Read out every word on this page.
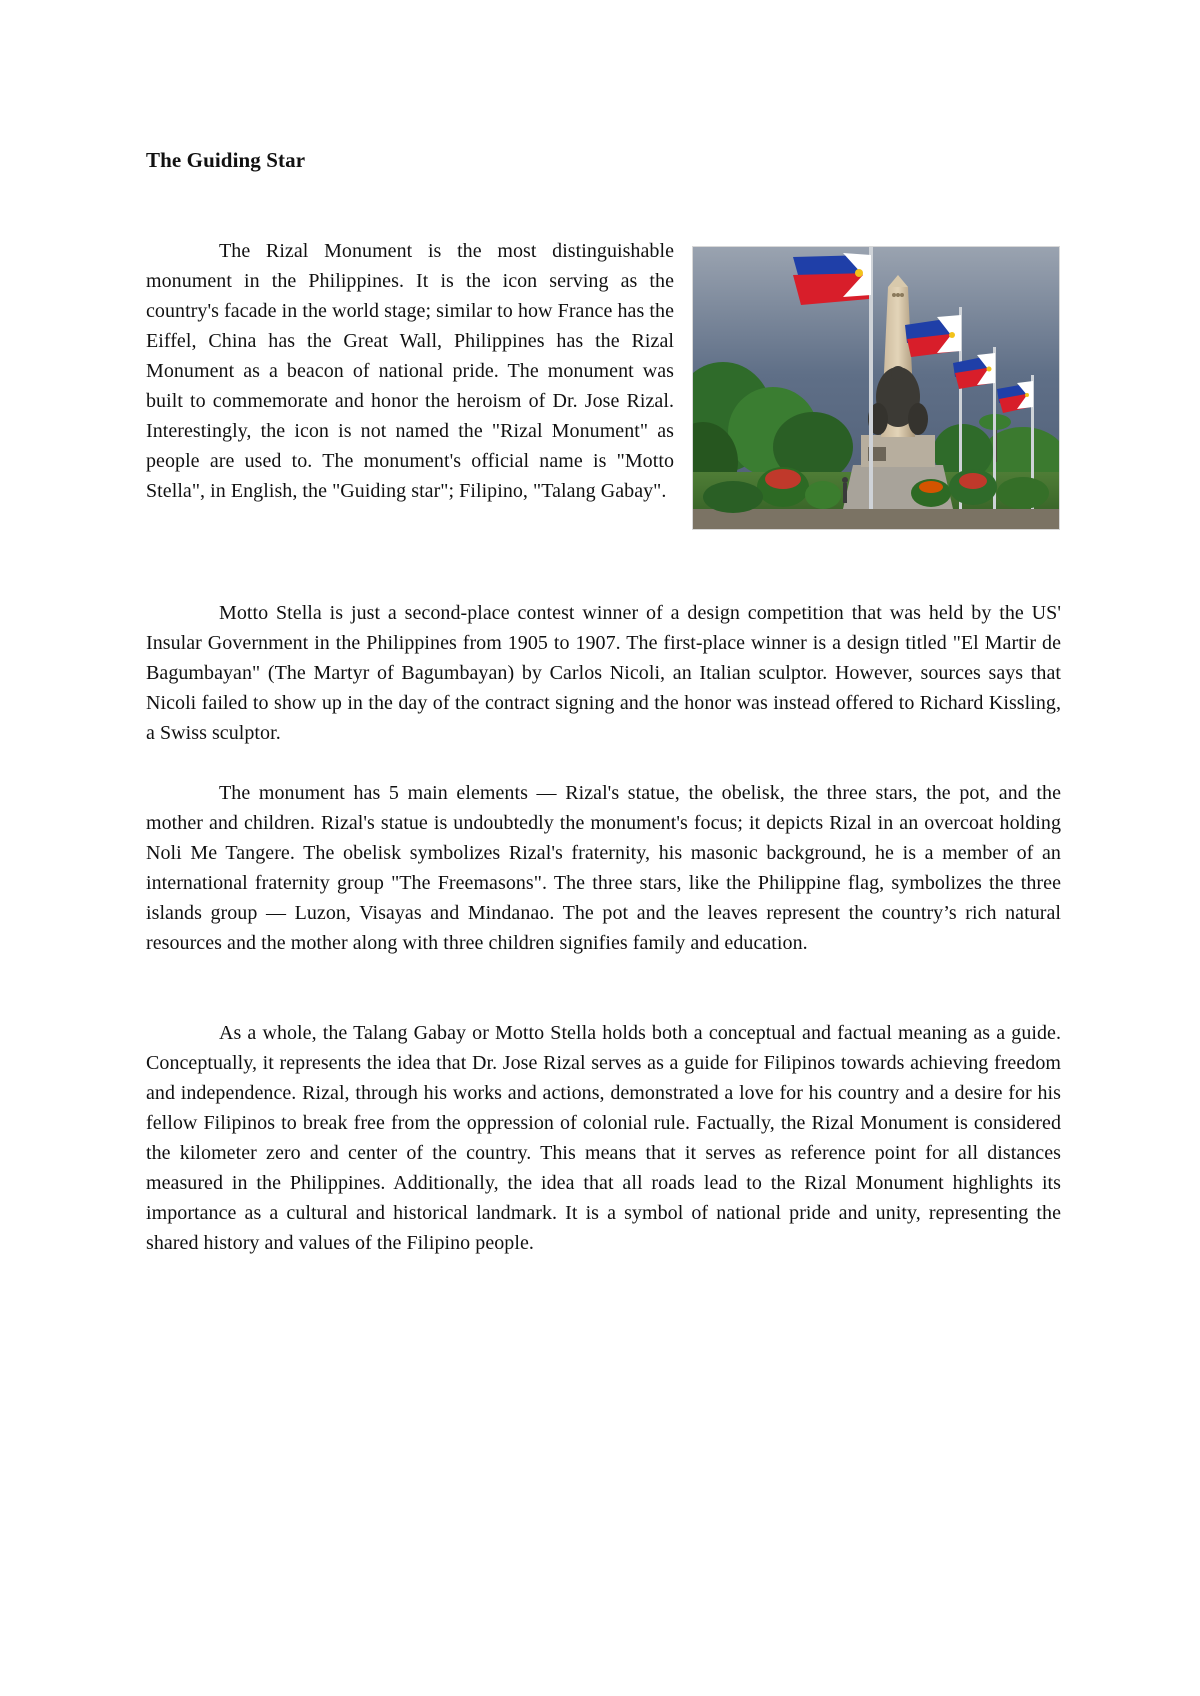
The Guiding Star

The Rizal Monument is the most distinguishable monument in the Philippines. It is the icon serving as the country's facade in the world stage; similar to how France has the Eiffel, China has the Great Wall, Philippines has the Rizal Monument as a beacon of national pride. The monument was built to commemorate and honor the heroism of Dr. Jose Rizal. Interestingly, the icon is not named the "Rizal Monument" as people are used to. The monument's official name is "Motto Stella", in English, the "Guiding star"; Filipino, "Talang Gabay".

Motto Stella is just a second-place contest winner of a design competition that was held by the US' Insular Government in the Philippines from 1905 to 1907. The first-place winner is a design titled "El Martir de Bagumbayan" (The Martyr of Bagumbayan) by Carlos Nicoli, an Italian sculptor. However, sources says that Nicoli failed to show up in the day of the contract signing and the honor was instead offered to Richard Kissling, a Swiss sculptor.

The monument has 5 main elements — Rizal's statue, the obelisk, the three stars, the pot, and the mother and children. Rizal's statue is undoubtedly the monument's focus; it depicts Rizal in an overcoat holding Noli Me Tangere. The obelisk symbolizes Rizal's fraternity, his masonic background, he is a member of an international fraternity group "The Freemasons". The three stars, like the Philippine flag, symbolizes the three islands group — Luzon, Visayas and Mindanao. The pot and the leaves represent the country’s rich natural resources and the mother along with three children signifies family and education.

As a whole, the Talang Gabay or Motto Stella holds both a conceptual and factual meaning as a guide. Conceptually, it represents the idea that Dr. Jose Rizal serves as a guide for Filipinos towards achieving freedom and independence. Rizal, through his works and actions, demonstrated a love for his country and a desire for his fellow Filipinos to break free from the oppression of colonial rule. Factually, the Rizal Monument is considered the kilometer zero and center of the country. This means that it serves as reference point for all distances measured in the Philippines. Additionally, the idea that all roads lead to the Rizal Monument highlights its importance as a cultural and historical landmark. It is a symbol of national pride and unity, representing the shared history and values of the Filipino people.
